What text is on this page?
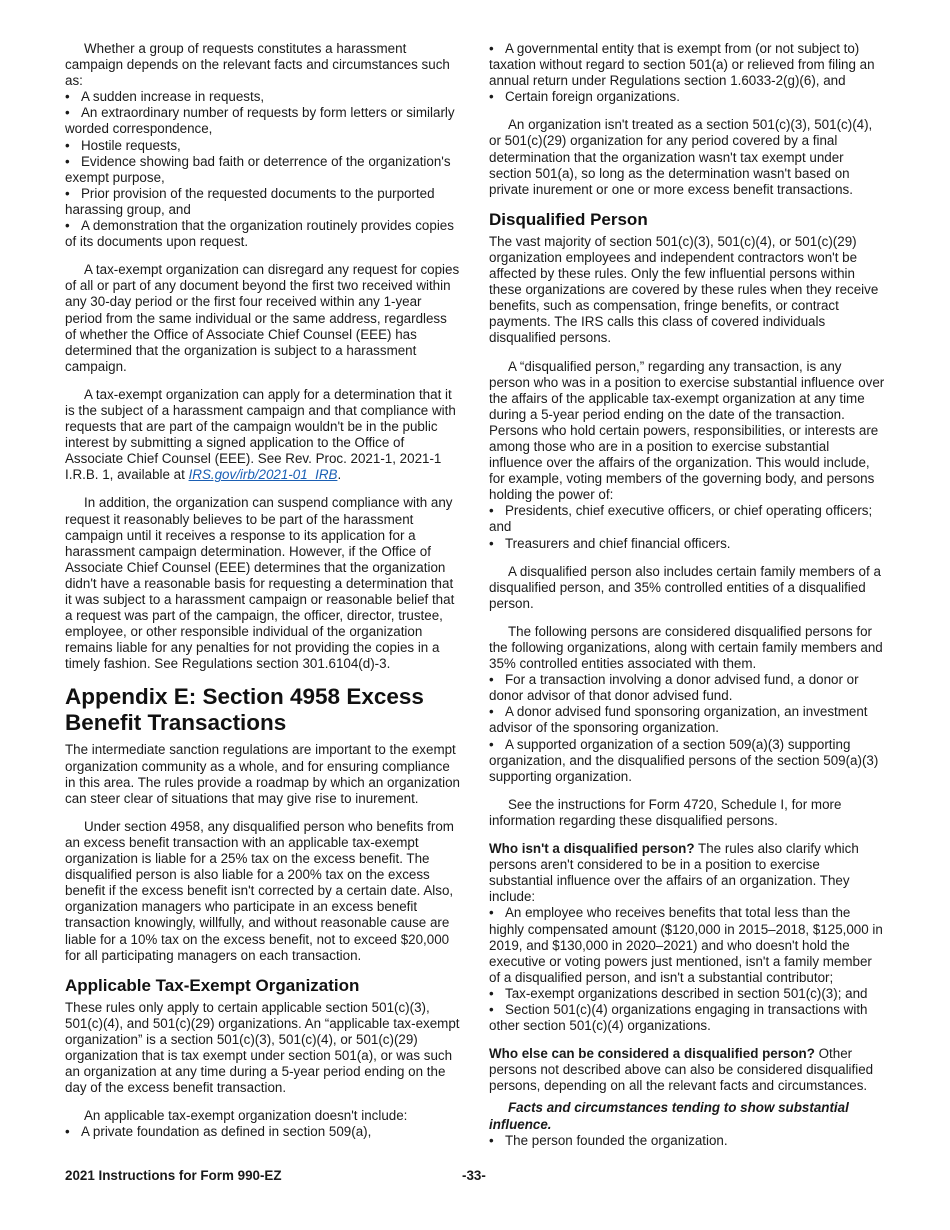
Whether a group of requests constitutes a harassment campaign depends on the relevant facts and circumstances such as:

• A sudden increase in requests,
• An extraordinary number of requests by form letters or similarly worded correspondence,
• Hostile requests,
• Evidence showing bad faith or deterrence of the organization's exempt purpose,
• Prior provision of the requested documents to the purported harassing group, and
• A demonstration that the organization routinely provides copies of its documents upon request.

A tax-exempt organization can disregard any request for copies of all or part of any document beyond the first two received within any 30-day period or the first four received within any 1-year period from the same individual or the same address, regardless of whether the Office of Associate Chief Counsel (EEE) has determined that the organization is subject to a harassment campaign.

A tax-exempt organization can apply for a determination that it is the subject of a harassment campaign and that compliance with requests that are part of the campaign wouldn't be in the public interest by submitting a signed application to the Office of Associate Chief Counsel (EEE). See Rev. Proc. 2021-1, 2021-1 I.R.B. 1, available at IRS.gov/irb/2021-01_IRB.

In addition, the organization can suspend compliance with any request it reasonably believes to be part of the harassment campaign until it receives a response to its application for a harassment campaign determination. However, if the Office of Associate Chief Counsel (EEE) determines that the organization didn't have a reasonable basis for requesting a determination that it was subject to a harassment campaign or reasonable belief that a request was part of the campaign, the officer, director, trustee, employee, or other responsible individual of the organization remains liable for any penalties for not providing the copies in a timely fashion. See Regulations section 301.6104(d)-3.

Appendix E: Section 4958 Excess Benefit Transactions

The intermediate sanction regulations are important to the exempt organization community as a whole, and for ensuring compliance in this area. The rules provide a roadmap by which an organization can steer clear of situations that may give rise to inurement.

Under section 4958, any disqualified person who benefits from an excess benefit transaction with an applicable tax-exempt organization is liable for a 25% tax on the excess benefit. The disqualified person is also liable for a 200% tax on the excess benefit if the excess benefit isn't corrected by a certain date. Also, organization managers who participate in an excess benefit transaction knowingly, willfully, and without reasonable cause are liable for a 10% tax on the excess benefit, not to exceed $20,000 for all participating managers on each transaction.

Applicable Tax-Exempt Organization

These rules only apply to certain applicable section 501(c)(3), 501(c)(4), and 501(c)(29) organizations. An “applicable tax-exempt organization” is a section 501(c)(3), 501(c)(4), or 501(c)(29) organization that is tax exempt under section 501(a), or was such an organization at any time during a 5-year period ending on the day of the excess benefit transaction.

An applicable tax-exempt organization doesn't include:

• A private foundation as defined in section 509(a),
• A governmental entity that is exempt from (or not subject to) taxation without regard to section 501(a) or relieved from filing an annual return under Regulations section 1.6033-2(g)(6), and
• Certain foreign organizations.

An organization isn't treated as a section 501(c)(3), 501(c)(4), or 501(c)(29) organization for any period covered by a final determination that the organization wasn't tax exempt under section 501(a), so long as the determination wasn't based on private inurement or one or more excess benefit transactions.

Disqualified Person

The vast majority of section 501(c)(3), 501(c)(4), or 501(c)(29) organization employees and independent contractors won't be affected by these rules. Only the few influential persons within these organizations are covered by these rules when they receive benefits, such as compensation, fringe benefits, or contract payments. The IRS calls this class of covered individuals disqualified persons.

A “disqualified person,” regarding any transaction, is any person who was in a position to exercise substantial influence over the affairs of the applicable tax-exempt organization at any time during a 5-year period ending on the date of the transaction. Persons who hold certain powers, responsibilities, or interests are among those who are in a position to exercise substantial influence over the affairs of the organization. This would include, for example, voting members of the governing body, and persons holding the power of:

• Presidents, chief executive officers, or chief operating officers; and
• Treasurers and chief financial officers.

A disqualified person also includes certain family members of a disqualified person, and 35% controlled entities of a disqualified person.

The following persons are considered disqualified persons for the following organizations, along with certain family members and 35% controlled entities associated with them.

• For a transaction involving a donor advised fund, a donor or donor advisor of that donor advised fund.
• A donor advised fund sponsoring organization, an investment advisor of the sponsoring organization.
• A supported organization of a section 509(a)(3) supporting organization, and the disqualified persons of the section 509(a)(3) supporting organization.

See the instructions for Form 4720, Schedule I, for more information regarding these disqualified persons.

Who isn't a disqualified person? The rules also clarify which persons aren't considered to be in a position to exercise substantial influence over the affairs of an organization. They include:

• An employee who receives benefits that total less than the highly compensated amount ($120,000 in 2015–2018, $125,000 in 2019, and $130,000 in 2020–2021) and who doesn't hold the executive or voting powers just mentioned, isn't a family member of a disqualified person, and isn't a substantial contributor;
• Tax-exempt organizations described in section 501(c)(3); and
• Section 501(c)(4) organizations engaging in transactions with other section 501(c)(4) organizations.

Who else can be considered a disqualified person? Other persons not described above can also be considered disqualified persons, depending on all the relevant facts and circumstances.

Facts and circumstances tending to show substantial influence.

• The person founded the organization.
2021 Instructions for Form 990-EZ	-33-
